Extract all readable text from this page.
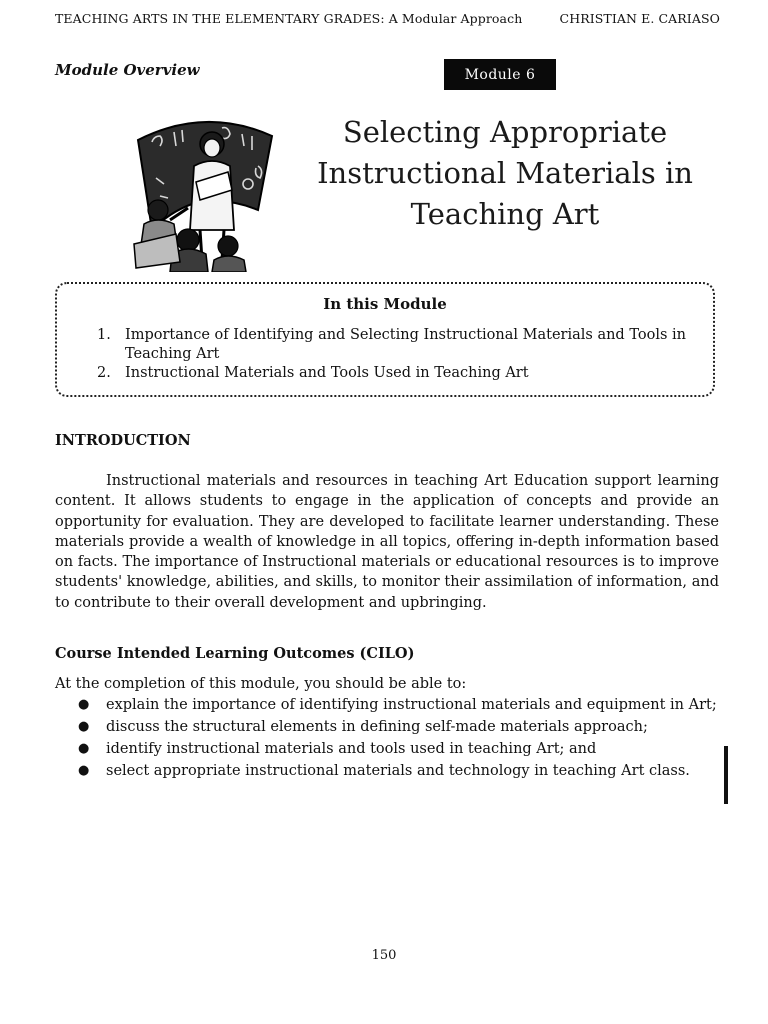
TEACHING ARTS IN THE ELEMENTARY GRADES: A Modular Approach	CHRISTIAN E. CARIASO
Module Overview	Module 6
Selecting Appropriate
Instructional Materials in
Teaching Art
In this Module
1. Importance of Identifying and Selecting Instructional Materials and Tools in
Teaching Art
2. Instructional Materials and Tools Used in Teaching Art
INTRODUCTION

Instructional materials and resources in teaching Art Education support learning content. It allows students to engage in the application of concepts and provide an opportunity for evaluation. They are developed to facilitate learner understanding. These materials provide a wealth of knowledge in all topics, offering in-depth information based on facts. The importance of Instructional materials or educational resources is to improve students' knowledge, abilities, and skills, to monitor their assimilation of information, and to contribute to their overall development and upbringing.

Course Intended Learning Outcomes (CILO)
At the completion of this module, you should be able to:
●	explain the importance of identifying instructional materials and equipment in Art;
●	discuss the structural elements in defining self-made materials approach;
●	identify instructional materials and tools used in teaching Art; and
●	select appropriate instructional materials and technology in teaching Art class.
150
